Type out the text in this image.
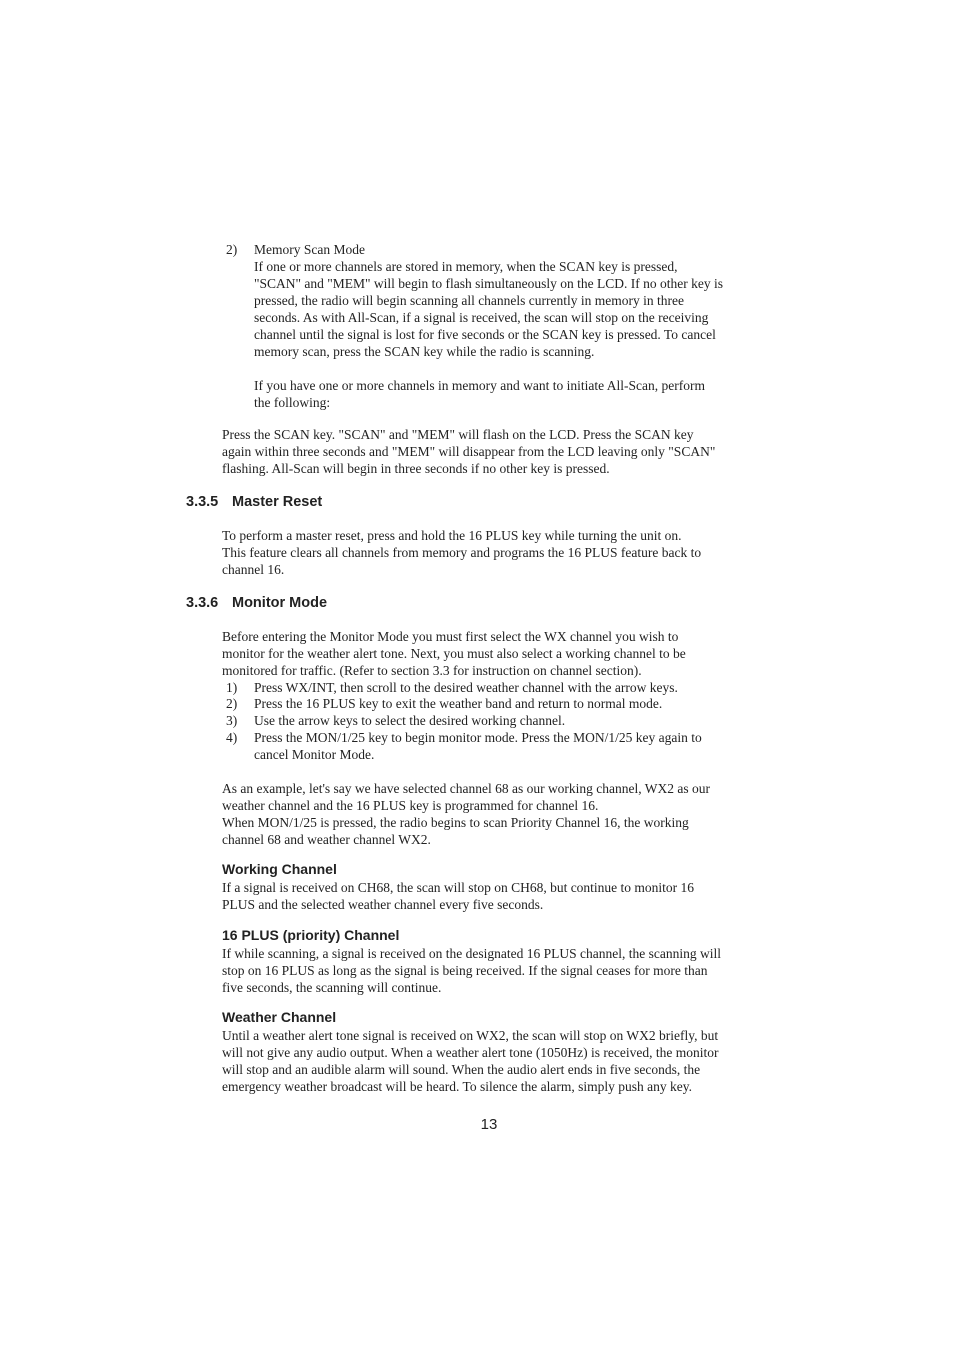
2) Memory Scan Mode

If one or more channels are stored in memory, when the SCAN key is pressed,

"SCAN" and "MEM" will begin to flash simultaneously on the LCD. If no other key is

pressed, the radio will begin scanning all channels currently in memory in three

seconds. As with All-Scan, if a signal is received, the scan will stop on the receiving

channel until the signal is lost for five seconds or the SCAN key is pressed. To cancel

memory scan, press the SCAN key while the radio is scanning.

If you have one or more channels in memory and want to initiate All-Scan, perform

the following:

Press the SCAN key. "SCAN" and "MEM" will flash on the LCD. Press the SCAN key

again within three seconds and "MEM" will disappear from the LCD leaving only "SCAN"

flashing. All-Scan will begin in three seconds if no other key is pressed.

3.3.5 Master Reset

To perform a master reset, press and hold the 16 PLUS key while turning the unit on.

This feature clears all channels from memory and programs the 16 PLUS feature back to

channel 16.

3.3.6 Monitor Mode

Before entering the Monitor Mode you must first select the WX channel you wish to

monitor for the weather alert tone. Next, you must also select a working channel to be

monitored for traffic. (Refer to section 3.3 for instruction on channel section).

1) Press WX/INT, then scroll to the desired weather channel with the arrow keys.

2) Press the 16 PLUS key to exit the weather band and return to normal mode.

3) Use the arrow keys to select the desired working channel.

4) Press the MON/1/25 key to begin monitor mode. Press the MON/1/25 key again to

cancel Monitor Mode.

As an example, let's say we have selected channel 68 as our working channel, WX2 as our

weather channel and the 16 PLUS key is programmed for channel 16.

When MON/1/25 is pressed, the radio begins to scan Priority Channel 16, the working

channel 68 and weather channel WX2.

Working Channel

If a signal is received on CH68, the scan will stop on CH68, but continue to monitor 16

PLUS and the selected weather channel every five seconds.

16 PLUS (priority) Channel

If while scanning, a signal is received on the designated 16 PLUS channel, the scanning will

stop on 16 PLUS as long as the signal is being received. If the signal ceases for more than

five seconds, the scanning will continue.

Weather Channel

Until a weather alert tone signal is received on WX2, the scan will stop on WX2 briefly, but

will not give any audio output. When a weather alert tone (1050Hz) is received, the monitor

will stop and an audible alarm will sound. When the audio alert ends in five seconds, the

emergency weather broadcast will be heard. To silence the alarm, simply push any key.

13
